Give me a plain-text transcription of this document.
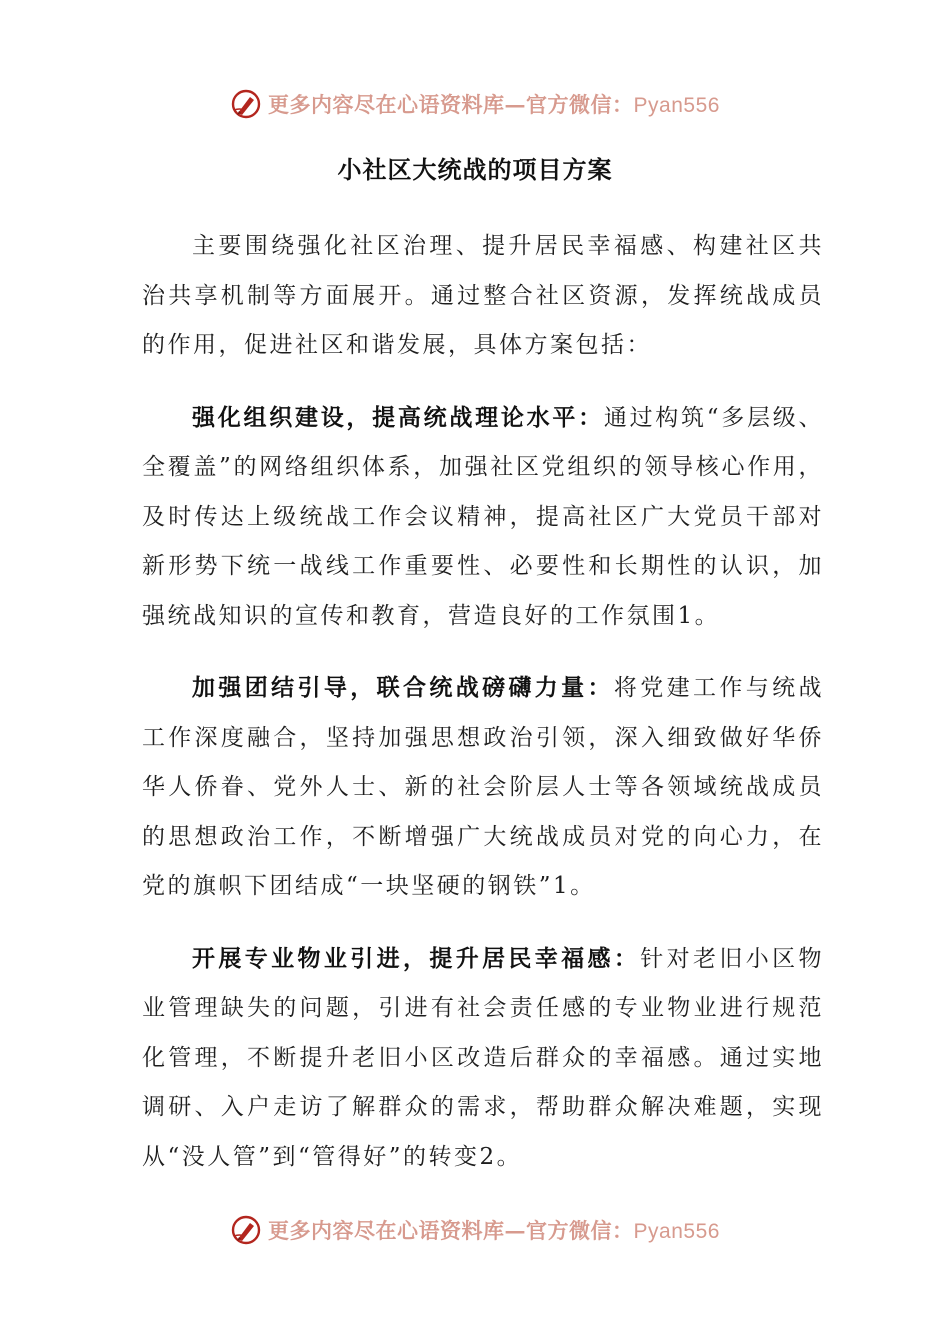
更多内容尽在心语资料库—官方微信：Pyan556
小社区大统战的项目方案

主要围绕强化社区治理、提升居民幸福感、构建社区共治共享机制等方面展开。通过整合社区资源，发挥统战成员的作用，促进社区和谐发展，具体方案包括：

强化组织建设，提高统战理论水平：通过构筑“多层级、全覆盖”的网络组织体系，加强社区党组织的领导核心作用，及时传达上级统战工作会议精神，提高社区广大党员干部对新形势下统一战线工作重要性、必要性和长期性的认识，加强统战知识的宣传和教育，营造良好的工作氛围1。

加强团结引导，联合统战磅礴力量：将党建工作与统战工作深度融合，坚持加强思想政治引领，深入细致做好华侨华人侨眷、党外人士、新的社会阶层人士等各领域统战成员的思想政治工作，不断增强广大统战成员对党的向心力，在党的旗帜下团结成“一块坚硬的钢铁”1。

开展专业物业引进，提升居民幸福感：针对老旧小区物业管理缺失的问题，引进有社会责任感的专业物业进行规范化管理，不断提升老旧小区改造后群众的幸福感。通过实地调研、入户走访了解群众的需求，帮助群众解决难题，实现从“没人管”到“管得好”的转变2。

更多内容尽在心语资料库—官方微信：Pyan556
